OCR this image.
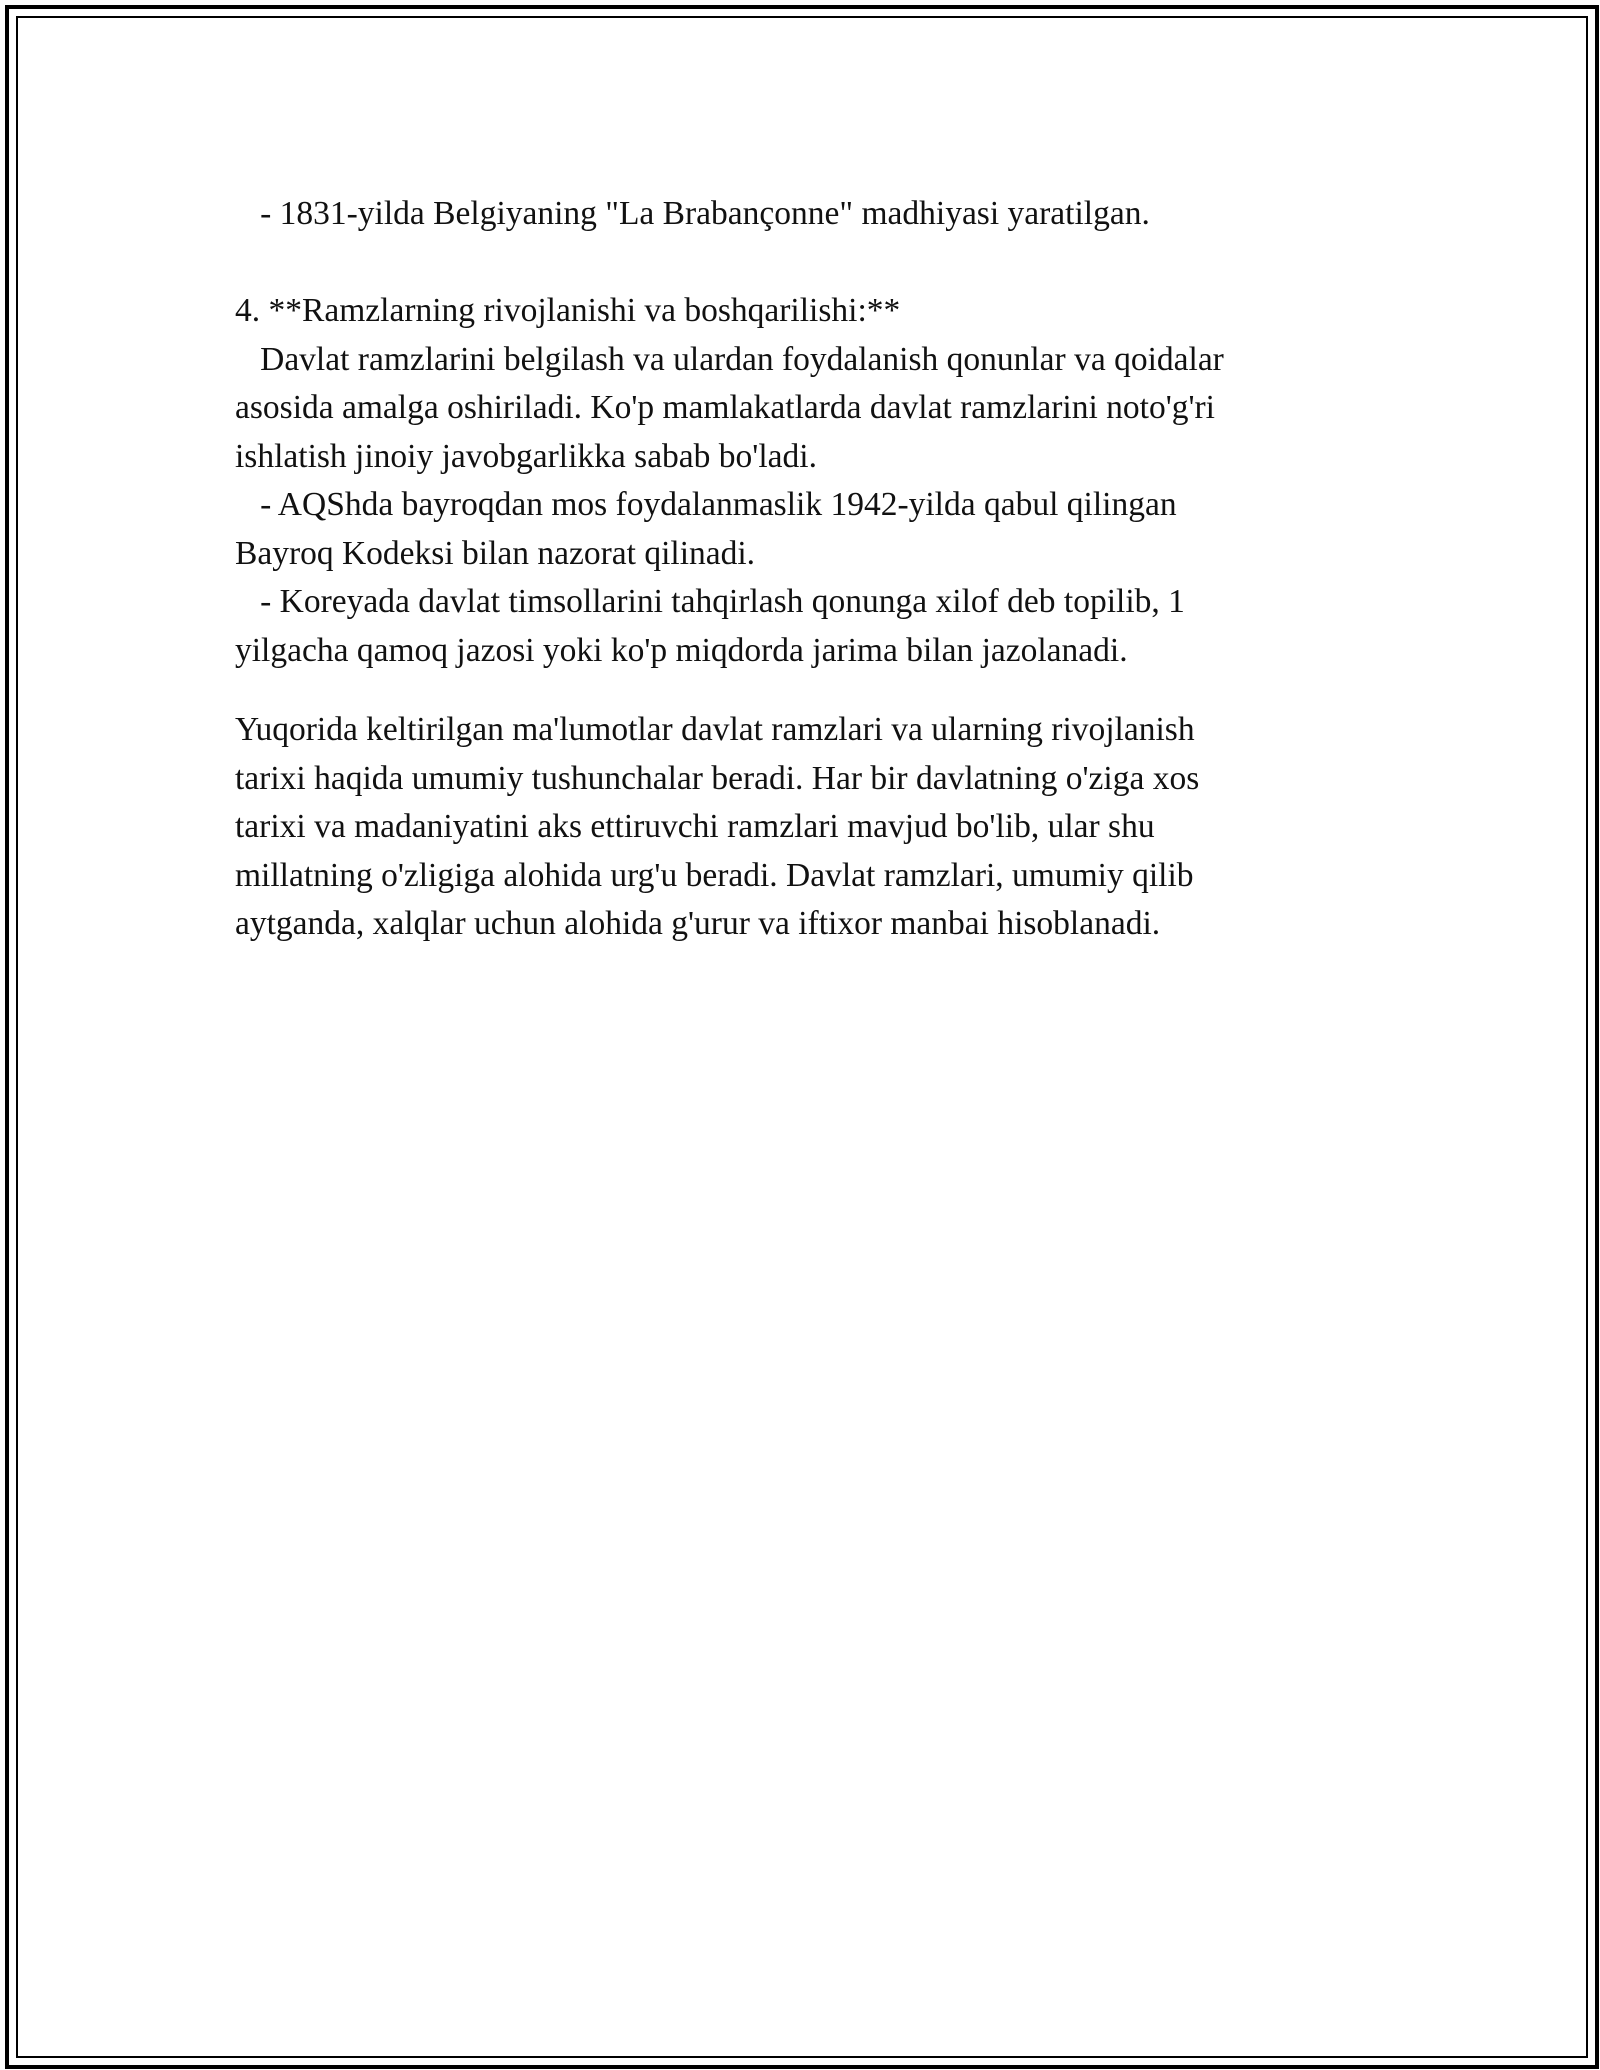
- 1831-yilda Belgiyaning "La Brabançonne" madhiyasi yaratilgan.
4. **Ramzlarning rivojlanishi va boshqarilishi:**
Davlat ramzlarini belgilash va ulardan foydalanish qonunlar va qoidalar
asosida amalga oshiriladi. Ko'p mamlakatlarda davlat ramzlarini noto'g'ri
ishlatish jinoiy javobgarlikka sabab bo'ladi.
- AQShda bayroqdan mos foydalanmaslik 1942-yilda qabul qilingan
Bayroq Kodeksi bilan nazorat qilinadi.
- Koreyada davlat timsollarini tahqirlash qonunga xilof deb topilib, 1
yilgacha qamoq jazosi yoki ko'p miqdorda jarima bilan jazolanadi.
Yuqorida keltirilgan ma'lumotlar davlat ramzlari va ularning rivojlanish
tarixi haqida umumiy tushunchalar beradi. Har bir davlatning o'ziga xos
tarixi va madaniyatini aks ettiruvchi ramzlari mavjud bo'lib, ular shu
millatning o'zligiga alohida urg'u beradi. Davlat ramzlari, umumiy qilib
aytganda, xalqlar uchun alohida g'urur va iftixor manbai hisoblanadi.
